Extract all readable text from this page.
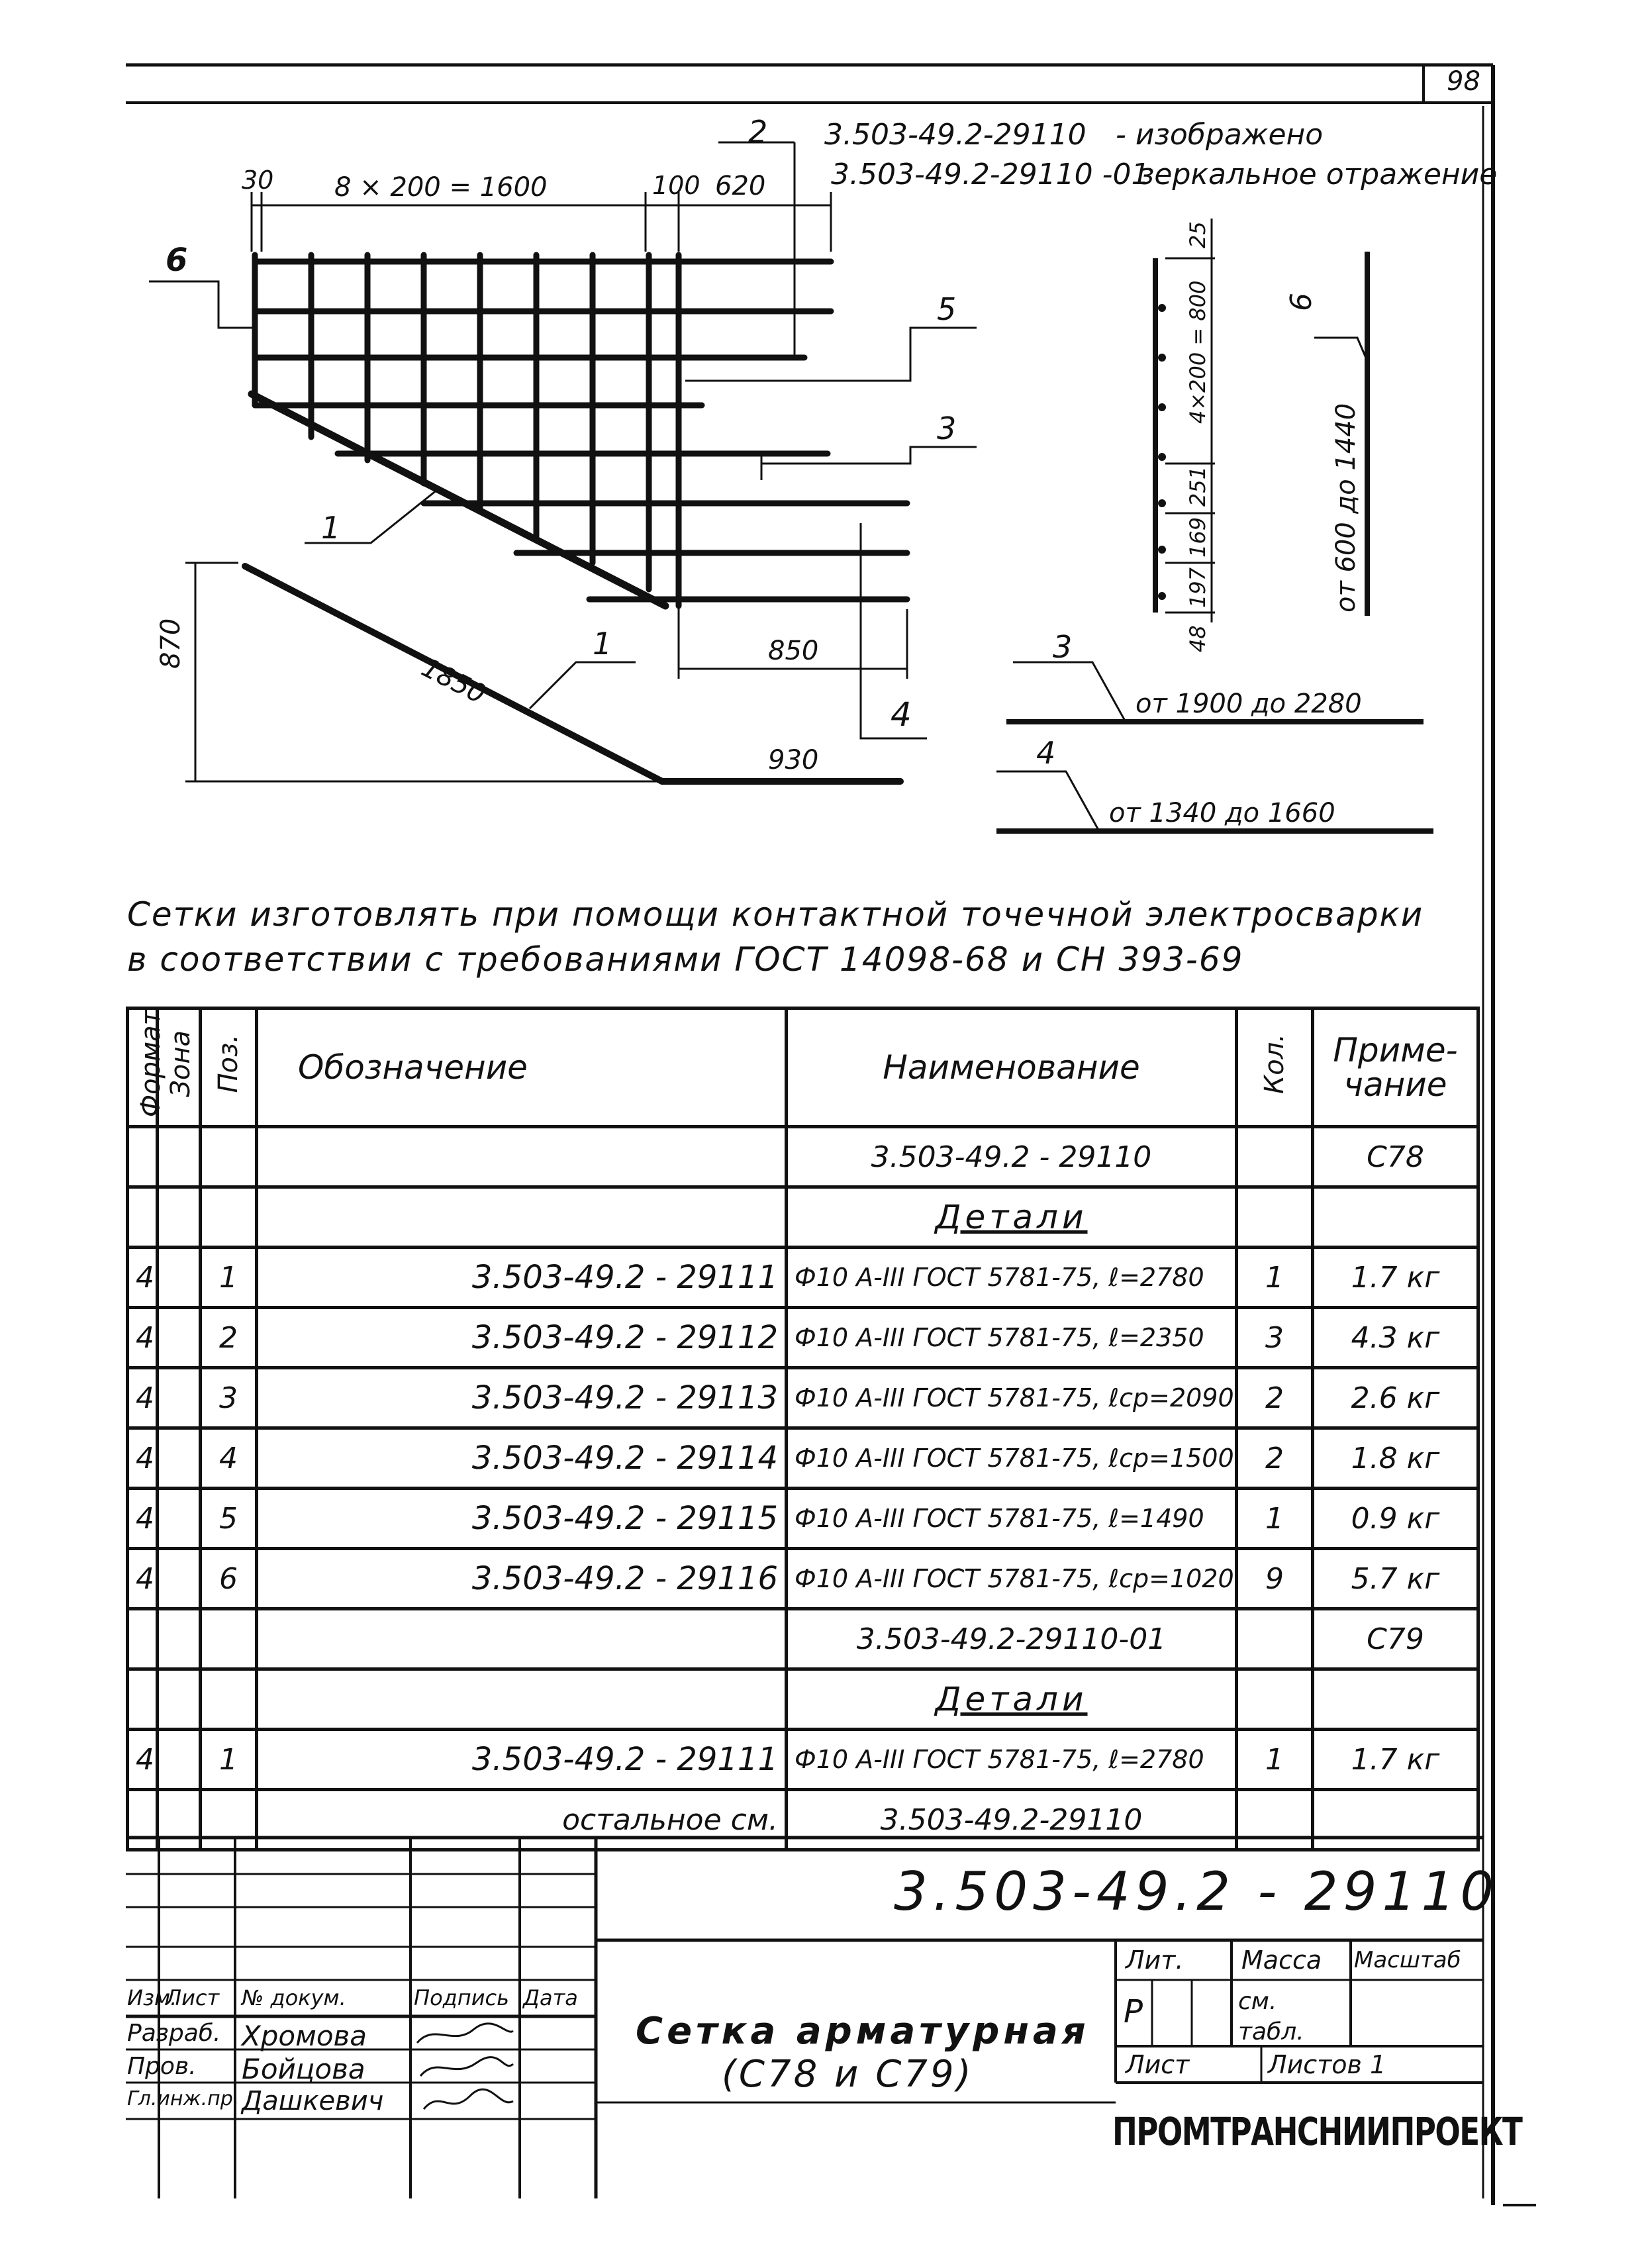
98
3.503-49.2-29110 - изображено
3.503-49.2-29110 -01
зеркальное отражение
30 8 × 200 = 1600	100 620
2
6
5
3
1
870
1850
1	850
4
930
25
4×200 = 800
251
169
197
48
6
от 600 до 1440
3
от 1900 до 2280
4
от 1340 до 1660
Сетки изготовлять при помощи контактной точечной электросварки
в соответствии с требованиями ГОСТ 14098-68 и СН 393-69
Формат	Зона	Поз.	Обозначение	Наименование	Кол.	Приме- чание
				3.503-49.2 - 29110		С78
				Детали		
4		1	3.503-49.2 - 29111	Ф10 А-III ГОСТ 5781-75, ℓ=2780	1	1.7 кг
4		2	3.503-49.2 - 29112	Ф10 А-III ГОСТ 5781-75, ℓ=2350	3	4.3 кг
4		3	3.503-49.2 - 29113	Ф10 А-III ГОСТ 5781-75, ℓср=2090	2	2.6 кг
4		4	3.503-49.2 - 29114	Ф10 А-III ГОСТ 5781-75, ℓср=1500	2	1.8 кг
4		5	3.503-49.2 - 29115	Ф10 А-III ГОСТ 5781-75, ℓ=1490	1	0.9 кг
4		6	3.503-49.2 - 29116	Ф10 А-III ГОСТ 5781-75, ℓср=1020	9	5.7 кг
				3.503-49.2-29110-01		С79
				Детали		
4		1	3.503-49.2 - 29111	Ф10 А-III ГОСТ 5781-75, ℓ=2780	1	1.7 кг
			остальное см.	3.503-49.2-29110		
3.503-49.2 - 29110
Сетка арматурная
(С78 и С79)
Изм.
Лист № докум.	Подпись Дата
Разраб. Хромова
Пров. Бойцова
Гл.инж.пр. Дашкевич
Лит. Масса Масштаб
Р	см. табл.
Лист	Листов 1
ПРОМТРАНСНИИПРОЕКТ
